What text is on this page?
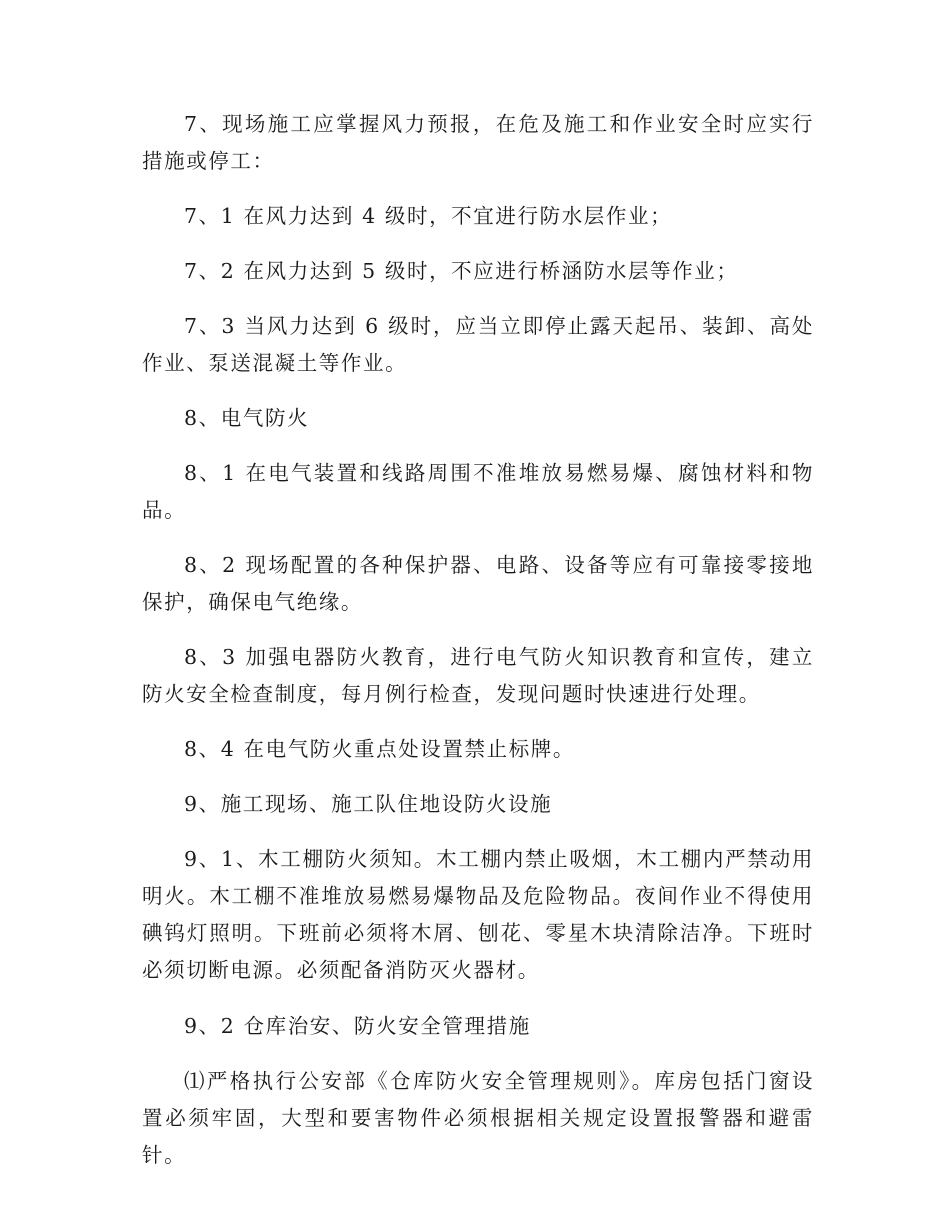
7、现场施工应掌握风力预报，在危及施工和作业安全时应实行措施或停工：

7、1 在风力达到 4 级时，不宜进行防水层作业；

7、2 在风力达到 5 级时，不应进行桥涵防水层等作业；

7、3 当风力达到 6 级时，应当立即停止露天起吊、装卸、高处作业、泵送混凝土等作业。

8、电气防火

8、1 在电气装置和线路周围不准堆放易燃易爆、腐蚀材料和物品。

8、2 现场配置的各种保护器、电路、设备等应有可靠接零接地保护，确保电气绝缘。

8、3 加强电器防火教育，进行电气防火知识教育和宣传，建立防火安全检查制度，每月例行检查，发现问题时快速进行处理。

8、4 在电气防火重点处设置禁止标牌。

9、施工现场、施工队住地设防火设施

9、1、木工棚防火须知。木工棚内禁止吸烟，木工棚内严禁动用明火。木工棚不准堆放易燃易爆物品及危险物品。夜间作业不得使用碘钨灯照明。下班前必须将木屑、刨花、零星木块清除洁净。下班时必须切断电源。必须配备消防灭火器材。

9、2 仓库治安、防火安全管理措施

⑴严格执行公安部《仓库防火安全管理规则》。库房包括门窗设置必须牢固，大型和要害物件必须根据相关规定设置报警器和避雷针。
